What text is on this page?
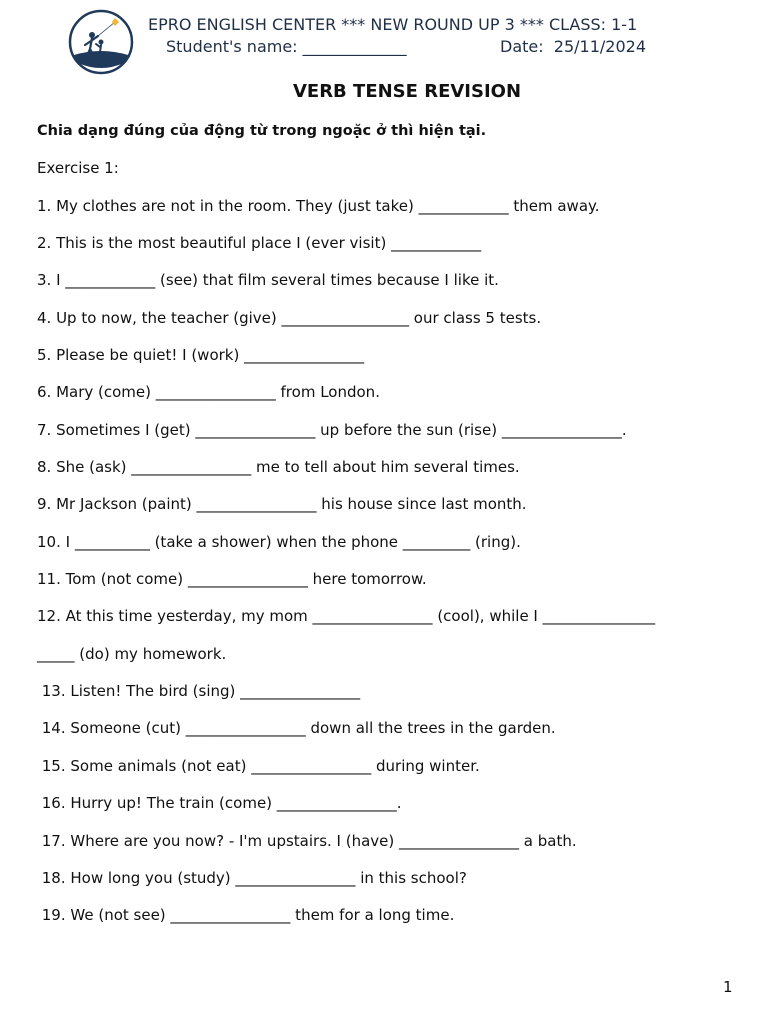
EPRO ENGLISH CENTER *** NEW ROUND UP 3 *** CLASS: 1-1
Student's name: _____________	Date:  25/11/2024
VERB TENSE REVISION
Chia dạng đúng của động từ trong ngoặc ở thì hiện tại.
Exercise 1:
1. My clothes are not in the room. They (just take) ____________ them away.
2. This is the most beautiful place I (ever visit) ____________
3. I ____________ (see) that film several times because I like it.
4. Up to now, the teacher (give) _________________ our class 5 tests.
5. Please be quiet! I (work) ________________
6. Mary (come) ________________ from London.
7. Sometimes I (get) ________________ up before the sun (rise) ________________.
8. She (ask) ________________ me to tell about him several times.
9. Mr Jackson (paint) ________________ his house since last month.
10. I __________ (take a shower) when the phone _________ (ring).
11. Tom (not come) ________________ here tomorrow.
12. At this time yesterday, my mom ________________ (cool), while I _______________
_____ (do) my homework.
13. Listen! The bird (sing) ________________
14. Someone (cut) ________________ down all the trees in the garden.
15. Some animals (not eat) ________________ during winter.
16. Hurry up! The train (come) ________________.
17. Where are you now? - I'm upstairs. I (have) ________________ a bath.
18. How long you (study) ________________ in this school?
19. We (not see) ________________ them for a long time.
1
